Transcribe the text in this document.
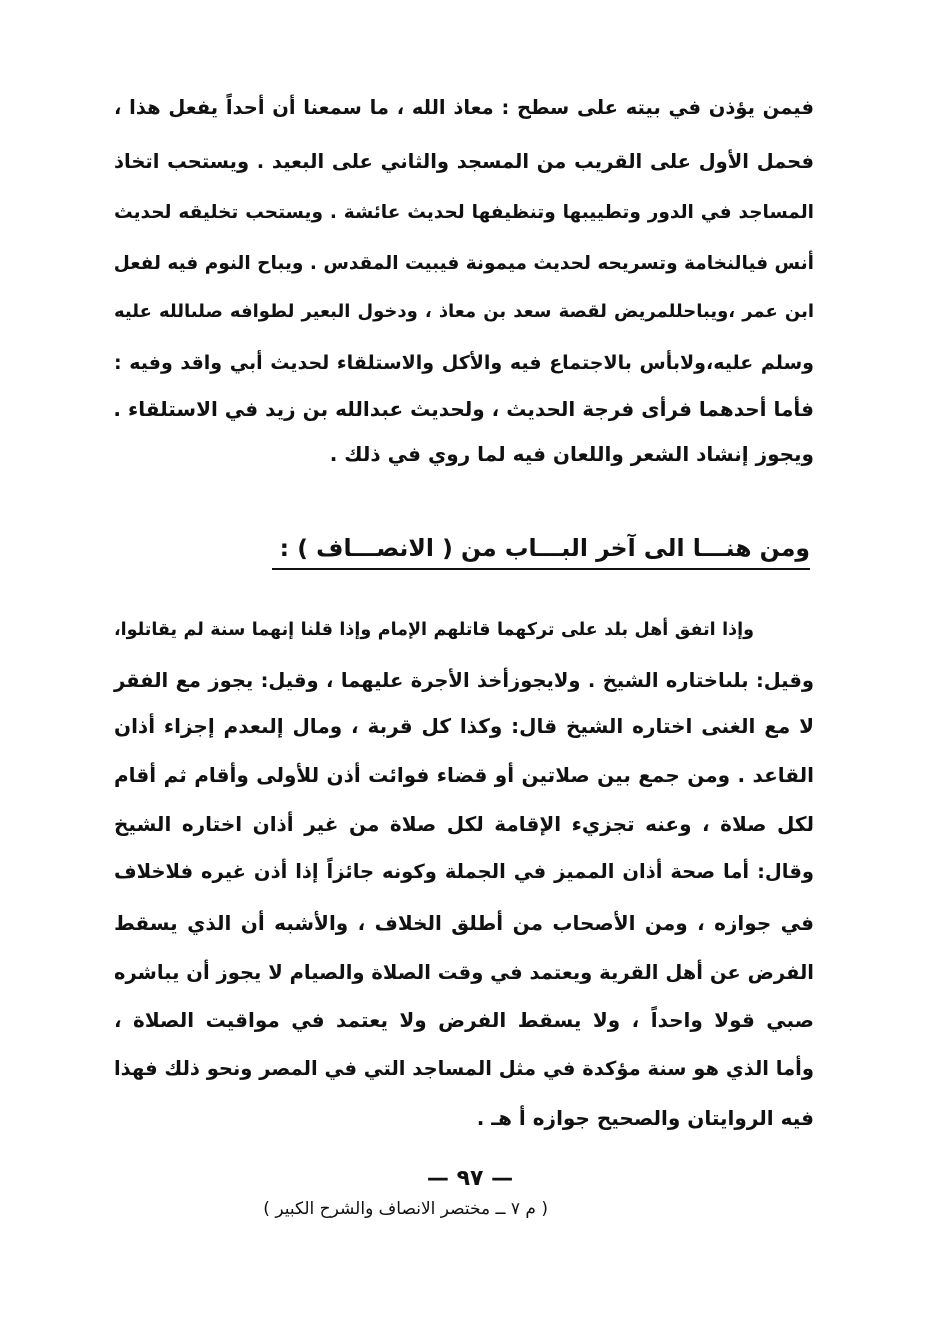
فيمن يؤذن في بيته على سطح : معاذ الله ، ما سمعنا أن أحداً يفعل هذا ،
فحمل الأول على القريب من المسجد والثاني على البعيد . ويستحب اتخاذ
المساجد في الدور وتطييبها وتنظيفها لحديث عائشة . ويستحب تخليقه لحديث
أنس فيالنخامة وتسريحه لحديث ميمونة فيبيت المقدس . ويباح النوم فيه لفعل
ابن عمر ،ويباحللمريض لقصة سعد بن معاذ ، ودخول البعير لطوافه صلىالله عليه
وسلم عليه،ولابأس بالاجتماع فيه والأكل والاستلقاء لحديث أبي واقد وفيه :
فأما أحدهما فرأى فرجة الحديث ، ولحديث عبدالله بن زيد في الاستلقاء .
ويجوز إنشاد الشعر واللعان فيه لما روي في ذلك .
ومن هنـــا الى آخر البـــاب من ( الانصـــاف ) :
وإذا اتفق أهل بلد على تركهما قاتلهم الإمام وإذا قلنا إنهما سنة لم يقاتلوا،
وقيل: بلىاختاره الشيخ . ولايجوزأخذ الأجرة عليهما ، وقيل: يجوز مع الفقر
لا مع الغنى اختاره الشيخ قال: وكذا كل قربة ، ومال إلىعدم إجزاء أذان
القاعد . ومن جمع بين صلاتين أو قضاء فوائت أذن للأولى وأقام ثم أقام
لكل صلاة ، وعنه تجزيء الإقامة لكل صلاة من غير أذان اختاره الشيخ
وقال: أما صحة أذان المميز في الجملة وكونه جائزاً إذا أذن غيره فلاخلاف
في جوازه ، ومن الأصحاب من أطلق الخلاف ، والأشبه أن الذي يسقط
الفرض عن أهل القرية ويعتمد في وقت الصلاة والصيام لا يجوز أن يباشره
صبي قولا واحداً ، ولا يسقط الفرض ولا يعتمد في مواقيت الصلاة ،
وأما الذي هو سنة مؤكدة في مثل المساجد التي في المصر ونحو ذلك فهذا
فيه الروايتان والصحيح جوازه أ هـ .
— ٩٧ —
( م ٧ ــ مختصر الانصاف والشرح الكبير )
